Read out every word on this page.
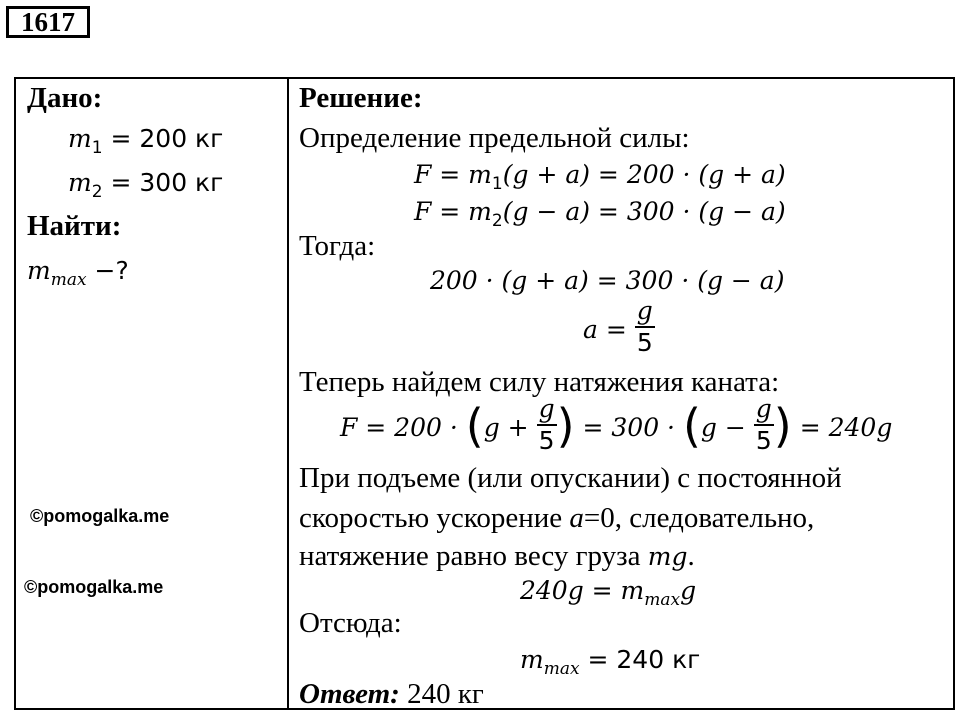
1617
Дано:
$m_1 = 200$ кг
$m_2 = 300$ кг
Найти:
$m_{max}$ −?
©pomogalka.me
©pomogalka.me
Решение:
Определение предельной силы:
$F = m_1(g + a) = 200 \cdot (g + a)$
$F = m_2(g - a) = 300 \cdot (g - a)$
Тогда:
200 · (g + a) = 300 · (g − a)
$a = \frac{g}{5}$
Теперь найдем силу натяжения каната:
$F = 200 \cdot (g + \frac{g}{5}$ ) = $300 \cdot (g - \frac{g}{5}$ ) = 240g
При подъеме (или опускании) с постоянной
скоростью ускорение a=0, следовательно,
натяжение равно весу груза mg.
$240g = m_{max}g$
Отсюда:
$m_{max} = 240$ кг
Ответ: 240 кг
